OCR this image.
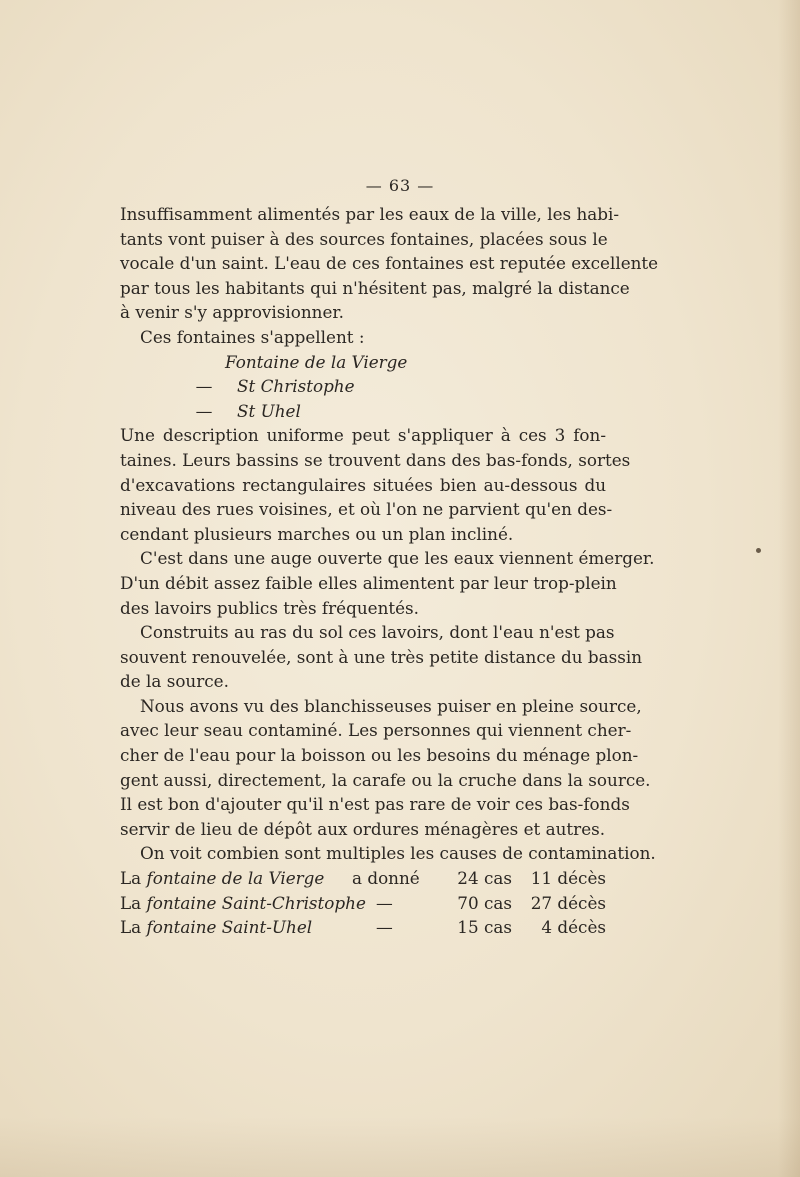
— 63 —
Insuffisamment alimentés par les eaux de la ville, les habi-
tants vont puiser à des sources fontaines, placées sous le
vocale d'un saint. L'eau de ces fontaines est reputée excellente
par tous les habitants qui n'hésitent pas, malgré la distance
à venir s'y approvisionner.
Ces fontaines s'appellent :
Fontaine de la Vierge
— St Christophe
— St Uhel
Une description uniforme peut s'appliquer à ces 3 fon-
taines. Leurs bassins se trouvent dans des bas-fonds, sortes
d'excavations rectangulaires situées bien au-dessous du
niveau des rues voisines, et où l'on ne parvient qu'en des-
cendant plusieurs marches ou un plan incliné.
C'est dans une auge ouverte que les eaux viennent émerger.
D'un débit assez faible elles alimentent par leur trop-plein
des lavoirs publics très fréquentés.
Construits au ras du sol ces lavoirs, dont l'eau n'est pas
souvent renouvelée, sont à une très petite distance du bassin
de la source.
Nous avons vu des blanchisseuses puiser en pleine source,
avec leur seau contaminé. Les personnes qui viennent cher-
cher de l'eau pour la boisson ou les besoins du ménage plon-
gent aussi, directement, la carafe ou la cruche dans la source.
Il est bon d'ajouter qu'il n'est pas rare de voir ces bas-fonds
servir de lieu de dépôt aux ordures ménagères et autres.
On voit combien sont multiples les causes de contamination.
La fontaine de la Vierge	a donné	24 cas	11 décès
La fontaine Saint-Christophe —	70 cas	27 décès
La fontaine Saint-Uhel	—	15 cas	4 décès
